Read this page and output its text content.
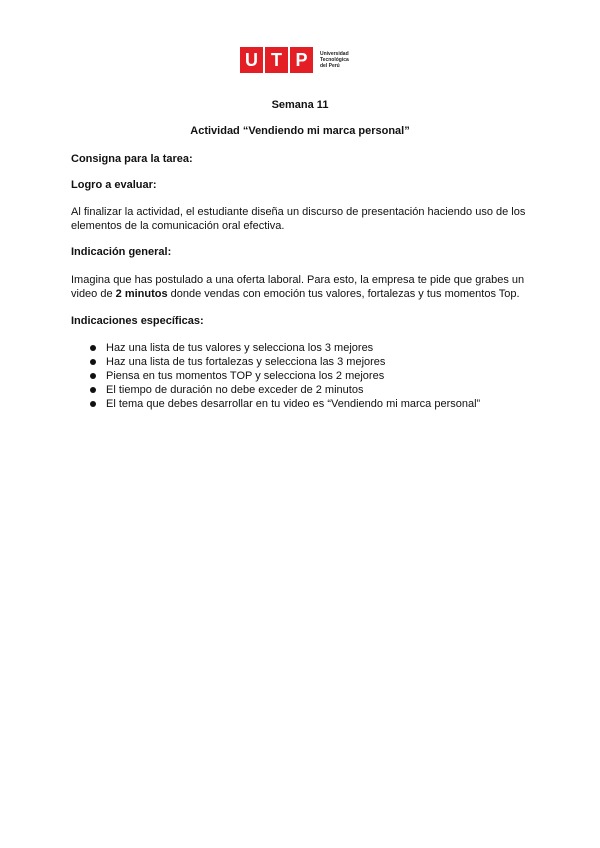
U T P	Universidad
Tecnológica
del Perú
Semana 11
Actividad “Vendiendo mi marca personal”
Consigna para la tarea:
Logro a evaluar:
Al finalizar la actividad, el estudiante diseña un discurso de presentación haciendo uso de los elementos de la comunicación oral efectiva.
Indicación general:
Imagina que has postulado a una oferta laboral. Para esto, la empresa te pide que grabes un video de 2 minutos donde vendas con emoción tus valores, fortalezas y tus momentos Top.
Indicaciones específicas:
Haz una lista de tus valores y selecciona los 3 mejores
Haz una lista de tus fortalezas y selecciona las 3 mejores
Piensa en tus momentos TOP y selecciona los 2 mejores
El tiempo de duración no debe exceder de 2 minutos
El tema que debes desarrollar en tu video es “Vendiendo mi marca personal”
